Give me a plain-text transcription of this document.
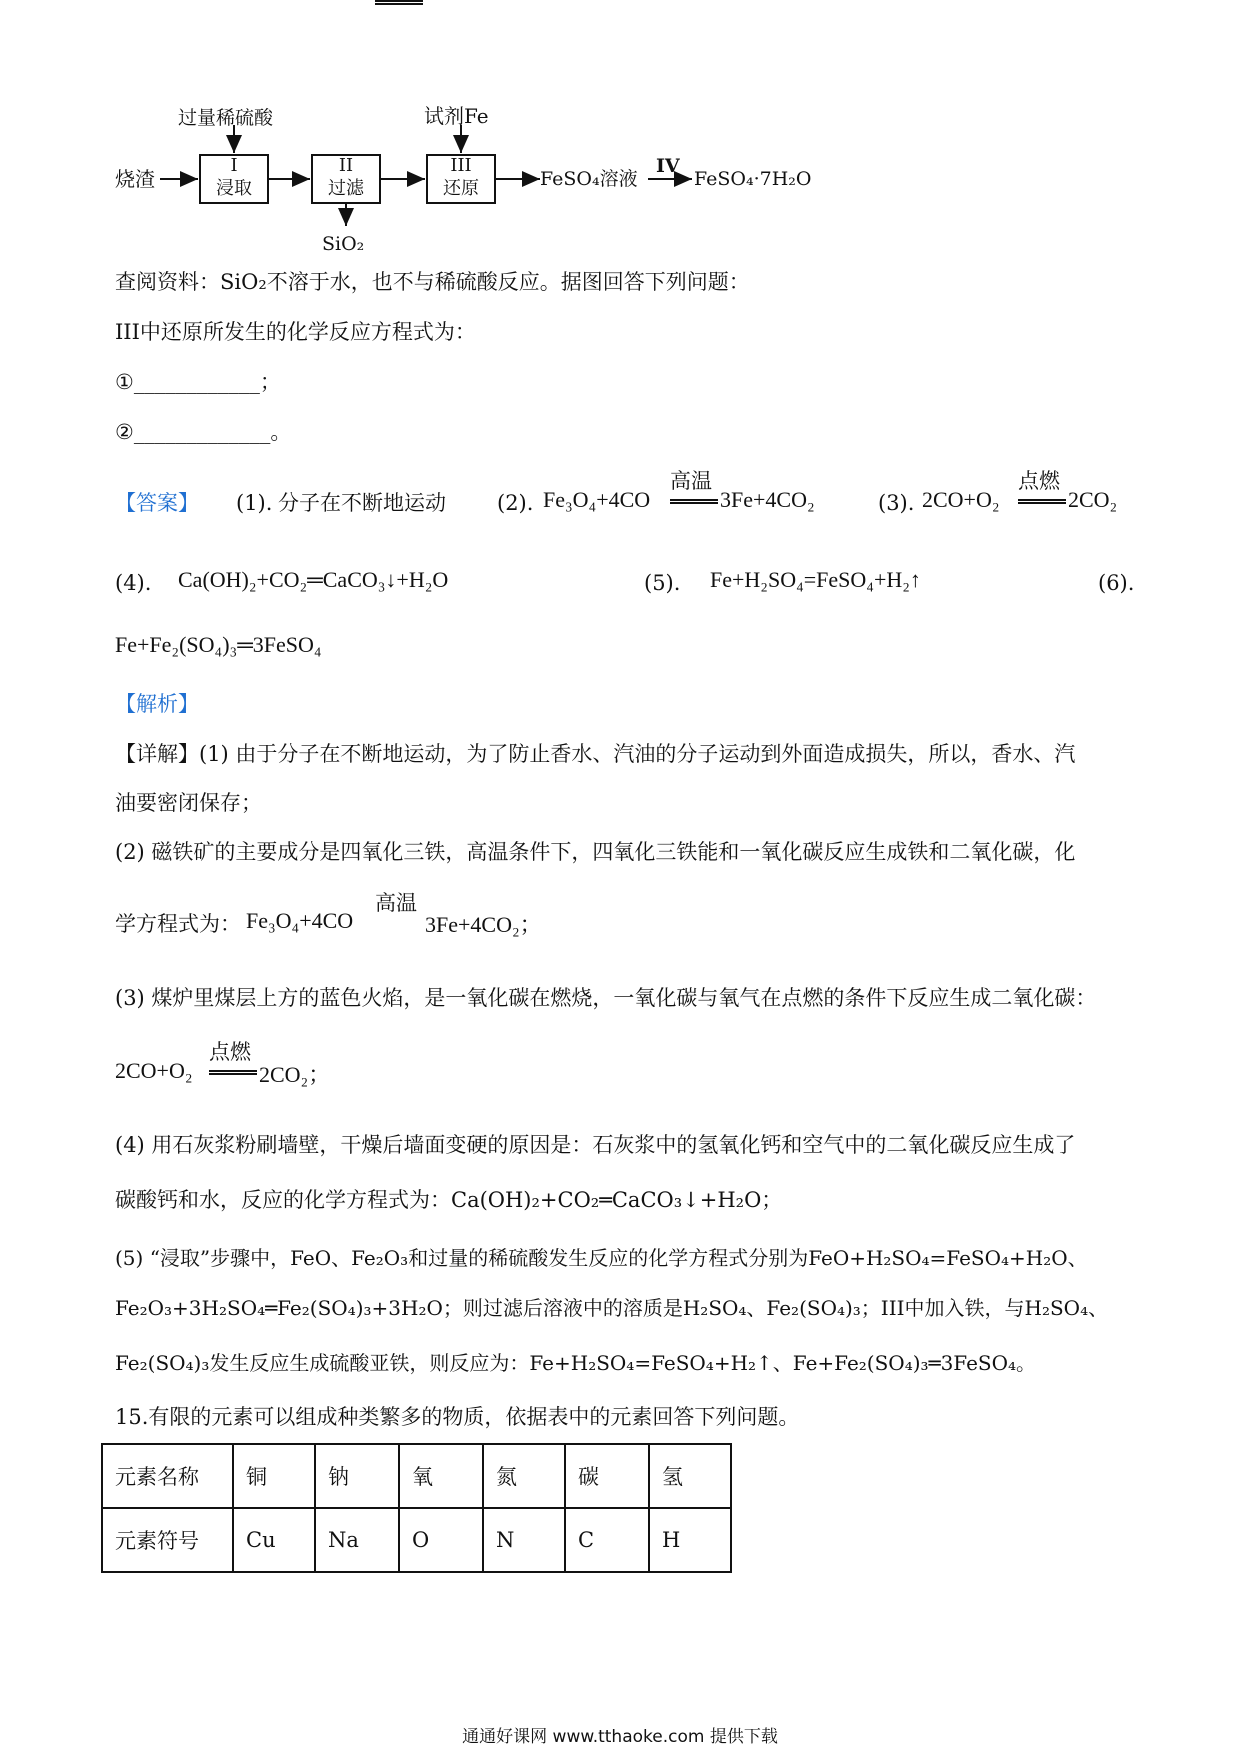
过量稀硫酸	试剂Fe
烧渣
I
浸取
II
过滤
III
还原
SiO₂
FeSO₄溶液
IV
FeSO₄·7H₂O
查阅资料：SiO₂不溶于水，也不与稀硫酸反应。据图回答下列问题：
III中还原所发生的化学反应方程式为：
①____________；
②_____________。
【答案】 (1). 分子在不断地运动 (2). Fe₃O₄+4CO
高温
3Fe+4CO₂	(3). 2CO+O₂
点燃
2CO₂
(4). Ca(OH)₂+CO₂═CaCO₃↓+H₂O	(5). Fe+H₂SO₄=FeSO₄+H₂↑	(6).
Fe+Fe₂(SO₄)₃═3FeSO₄
【解析】
【详解】(1) 由于分子在不断地运动，为了防止香水、汽油的分子运动到外面造成损失，所以，香水、汽
油要密闭保存；
(2) 磁铁矿的主要成分是四氧化三铁，高温条件下，四氧化三铁能和一氧化碳反应生成铁和二氧化碳，化
学方程式为： Fe₃O₄+4CO
高温
3Fe+4CO₂；
(3) 煤炉里煤层上方的蓝色火焰，是一氧化碳在燃烧，一氧化碳与氧气在点燃的条件下反应生成二氧化碳：
2CO+O₂
点燃
2CO₂；
(4) 用石灰浆粉刷墙壁，干燥后墙面变硬的原因是：石灰浆中的氢氧化钙和空气中的二氧化碳反应生成了
碳酸钙和水，反应的化学方程式为：Ca(OH)₂+CO₂═CaCO₃↓+H₂O；
(5) “浸取”步骤中，FeO、Fe₂O₃和过量的稀硫酸发生反应的化学方程式分别为FeO+H₂SO₄=FeSO₄+H₂O、
Fe₂O₃+3H₂SO₄═Fe₂(SO₄)₃+3H₂O；则过滤后溶液中的溶质是H₂SO₄、Fe₂(SO₄)₃；III中加入铁，与H₂SO₄、
Fe₂(SO₄)₃发生反应生成硫酸亚铁，则反应为：Fe+H₂SO₄=FeSO₄+H₂↑、Fe+Fe₂(SO₄)₃═3FeSO₄。
15.有限的元素可以组成种类繁多的物质，依据表中的元素回答下列问题。
元素名称	铜	钠	氧	氮	碳	氢
元素符号	Cu	Na	O	N	C	H
通通好课网 www.tthaoke.com 提供下载
